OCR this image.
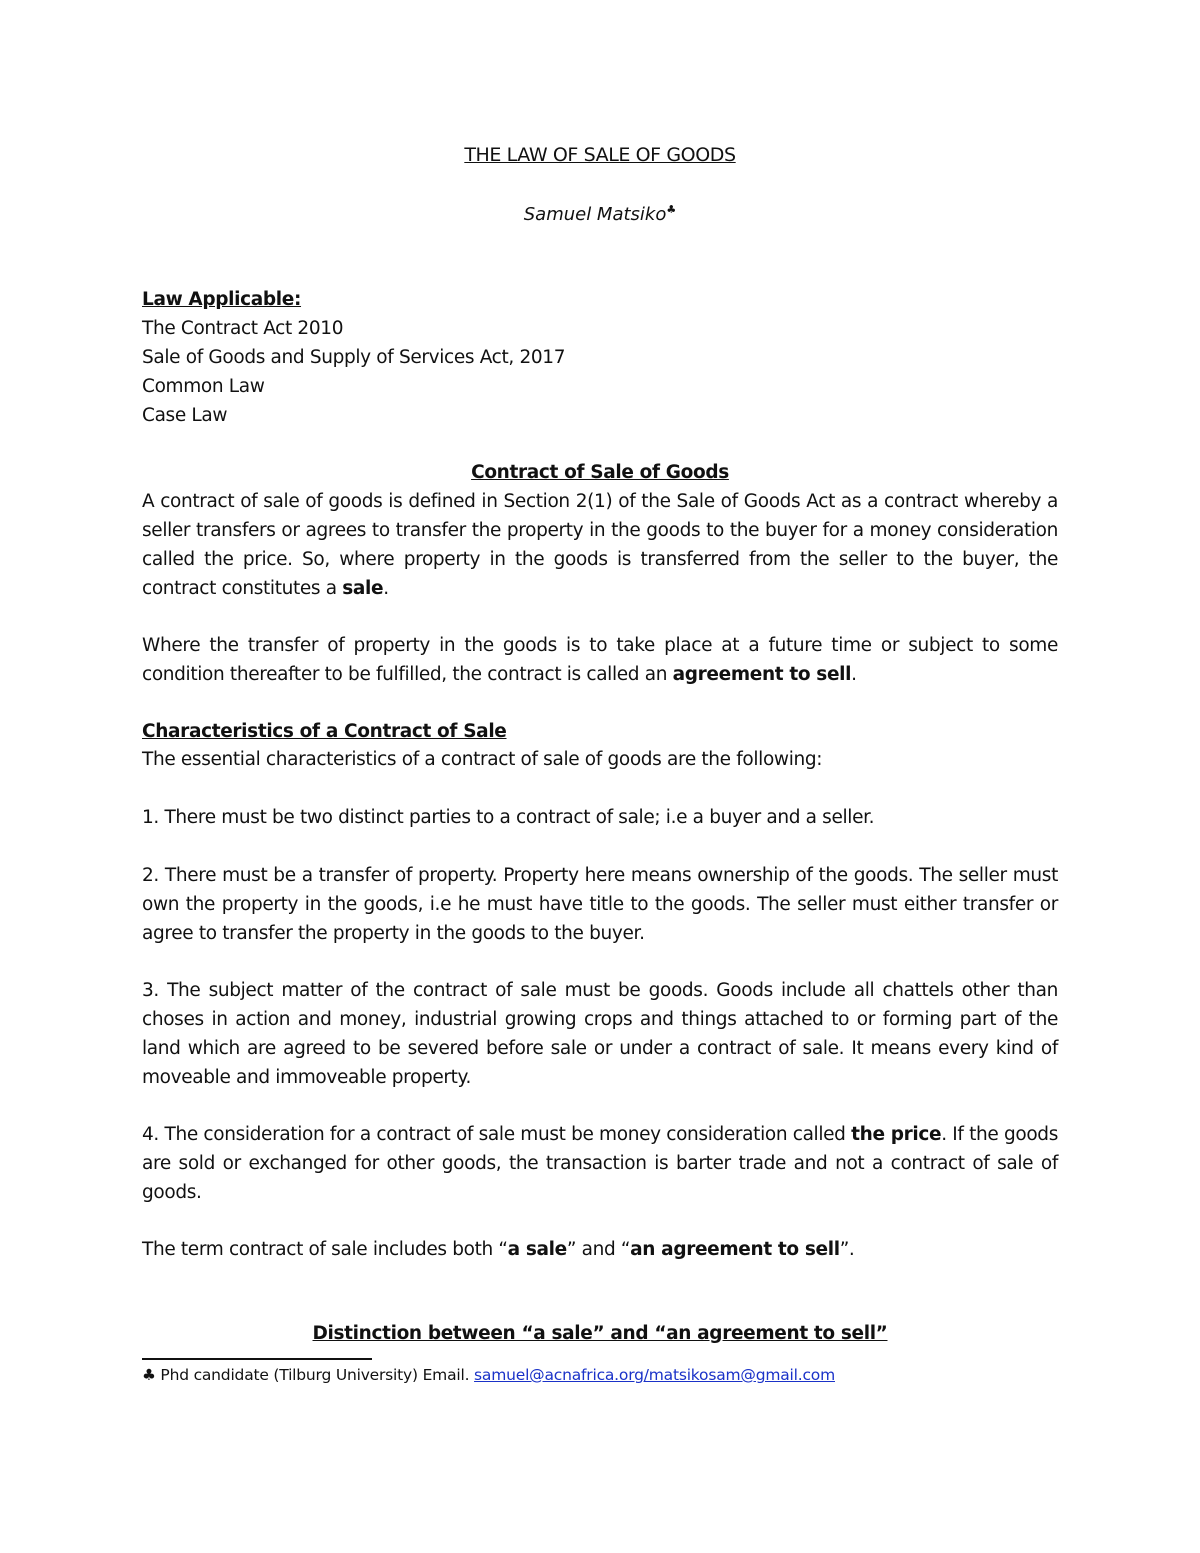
THE LAW OF SALE OF GOODS
Samuel Matsiko♣
Law Applicable:
The Contract Act 2010
Sale of Goods and Supply of Services Act, 2017
Common Law
Case Law
Contract of Sale of Goods

A contract of sale of goods is defined in Section 2(1) of the Sale of Goods Act as a contract whereby a seller transfers or agrees to transfer the property in the goods to the buyer for a money consideration called the price. So, where property in the goods is transferred from the seller to the buyer, the contract constitutes a sale.

Where the transfer of property in the goods is to take place at a future time or subject to some condition thereafter to be fulfilled, the contract is called an agreement to sell.

Characteristics of a Contract of Sale

The essential characteristics of a contract of sale of goods are the following:

1. There must be two distinct parties to a contract of sale; i.e a buyer and a seller.

2. There must be a transfer of property. Property here means ownership of the goods. The seller must own the property in the goods, i.e he must have title to the goods. The seller must either transfer or agree to transfer the property in the goods to the buyer.

3. The subject matter of the contract of sale must be goods. Goods include all chattels other than choses in action and money, industrial growing crops and things attached to or forming part of the land which are agreed to be severed before sale or under a contract of sale. It means every kind of moveable and immoveable property.

4. The consideration for a contract of sale must be money consideration called the price. If the goods are sold or exchanged for other goods, the transaction is barter trade and not a contract of sale of goods.

The term contract of sale includes both “a sale” and “an agreement to sell”.

Distinction between “a sale” and “an agreement to sell”
♣ Phd candidate (Tilburg University) Email. samuel@acnafrica.org/matsikosam@gmail.com
